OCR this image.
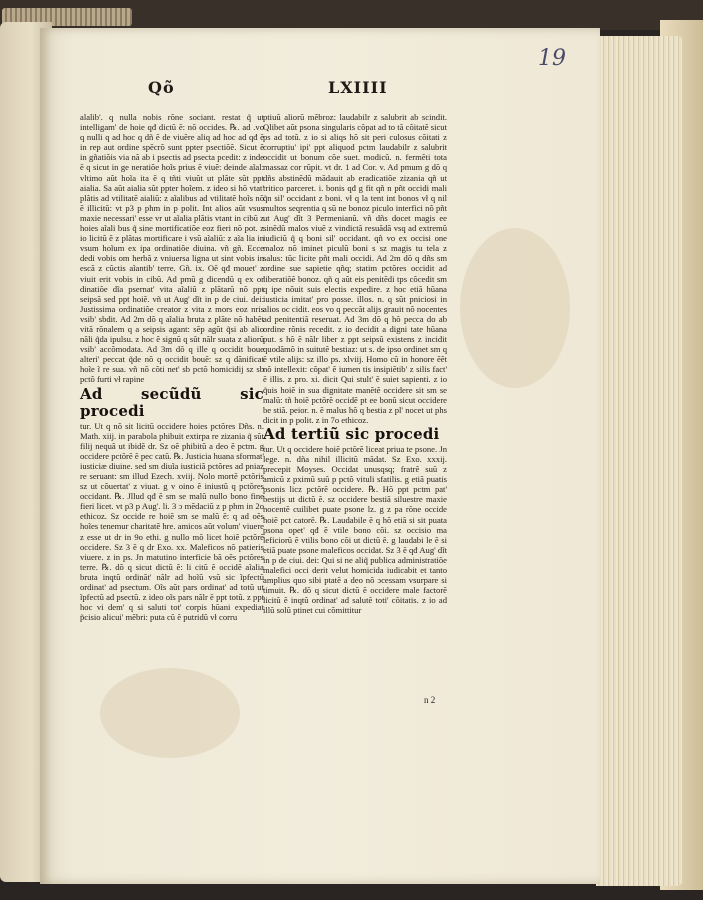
Qõ	LXIIII
19

alalib'. q nulla nobis rõne sociant. restat q̃ ut intelligam' de hoie qđ dictũ ẽ: nõ occides. ℞. ad .vo q nulli q ad hoc q dñ ẽ de viuẽre aliq ad hoc ad qđ ẽ in rep aut ordine spẽcrõ sunt ppter psectiõẽ. Sicut ẽ in gñatiõis via nã ab i psectis ad psecta pcedit: z inde ẽ q sicut in ge neratiõe hoĩs prius ẽ viuẽ: deinde aĩal: vltimo aũt hoĩa ita ẽ q tñti viuũt ut plãte sũt ppt aialia. Sa aũt aialia sũt ppter hoĩem. z ideo si hõ vtat' plãtis ad vtilitatẽ aialiũ: z aĩalibus ad vtilitatẽ hoĩs nõ ẽ illicitũ: vt p3 p phm in p polit. Int alios aũt vsus maxie necessari' esse vr ut aĩalia plãtis vtant in cibũ z hoies aĩali bus q̃ sine mortificatiõe eoz fieri nõ pot. z io licitũ ẽ z plãtas mortificare i vsũ aĩaliũ: z aĩa lia in vsum hoĩum ex ipa ordinatiõe diuina. vñ gñ. Ecce dedi vobis om herbã z vniuersa ligna ut sint vobis in escã z cũctis aĩantib' terre. Gñ. ix. Oẽ qđ mouet' z viuit erit vobis in cibũ. Ad pmũ g dicendũ q ex or dinatiõe dĩa psernat' vita aĩaliũ z plãtarũ nõ ppt seipsã sed ppt hoiẽ. vñ ut Aug' dĩt in p de ciui. dei: Justissima ordinatiõe creator z vita z mors eoz nris vsib' sbdit. Ad 2m dõ q aĩalia bruta z plãte nõ habẽt vitã rõnalem q a seipsis agant: sẽp agũt q̃si ab alio nãli q̃da ipulsu. z hoc ẽ signũ q sũt nãlr suata z aliorũ vsib' accõmodata. Ad 3m dõ q ille q occidit boue alteri' peccat q̃de nõ q occidit bouẽ: sz q dãnificat hoĩe ĩ re sua. vñ nõ cõti net' sb pctõ homicidij sz sb pctõ furti vł rapine

Ad secũdũ sic procedi

tur. Ut q nõ sit licitũ occidere hoies pctõres Dñs. n. Math. xiij. in parabola phibuit extirpa re zizania q̃ sũt filij nequã ut ibidẽ dr. Sz oẽ phibitũ a deo ẽ pctm. g occidere pctõrẽ ẽ pec catũ. ℞. Justicia huana sformat' iusticiæ diuine. sed sm diuĩa iusticiã pctõres ad pniaz re seruant: sm illud Ezech. xviij. Nolo mortẽ pctõris sz ut cõuertat' z viuat. g v oino ẽ iniustũ q pctõres occidant. ℞. Jllud qđ ẽ sm se malũ nullo bono fine fieri licet. vt p3 p Aug'. li. 3 ↄ mẽdaciũ z p phm in 2o ethicoz. Sz occide re hoiẽ sm se malũ ẽ: q ad oẽs hoĩes tenemur charitatẽ hre. amicos aũt volum' viuere z esse ut dr in 9o ethi. g nullo mõ licet hoiẽ pctõrẽ occidere. Sz 3 ẽ q dr Exo. xx. Maleficos nõ patieris viuere. z in ps. Jn matutino interficie bã oẽs pctõres terre. ℞. dõ q sicut dictũ ẽ: li citũ ẽ occidẽ aĩalia bruta inqtũ ordinãt' nãlr ad hoĩũ vsũ sic ĩpfectũ ordinat' ad psectum. Oĩs aũt pars ordinat' ad totũ ut ĩpfectũ ad psectũ. z ideo oĩs pars nãlr ẽ ppt totũ. z ppt hoc vi dem' q si saluti tot' corpis hũani expediat p̃cisio alicui' mẽbri: puta cũ ẽ putridũ vł corru

ptiuũ aliorũ mẽbroz: laudabilr z salubrit ab scindit. Qlibet aũt psona singularis cõpat ad to tã cõitatẽ sicut ps ad totũ. z io si aliqs hõ sit peri culosus cõitati z corruptiu' ipi' ppt aliquod pctm laudabilr z salubrit occidit ut bonum cõe suet. modicũ. n. fermẽti tota massaz cor rũpit. vt dr. 1 ad Cor. v. Ad pmum g dõ q dñs abstinẽdũ mãdauit ab eradicatiõe zizania qñ ut tritico parceret. i. bonis qđ g fit qñ n pñt occidi mali q̃n sil' occidant z boni. vł q la tent int bonos vł q nil multos seqrentia q sũ ne bonoz piculo interfici nõ pñt ut Aug' dĩt 3 Permenianũ. vñ dñs docet magis ee sinẽdũ malos viuẽ z vindictã resuãdã vsq ad extremũ iudiciũ q̃ q boni sil' occidant. qñ vo ex occisi one maloz nõ iminet piculũ boni s sz magis tu tela z salus: tũc licite pñt mali occidi. Ad 2m dõ q dñs sm ordine sue sapietie qñq; statim pctõres occidit ad liberatiõẽ bonoz. qñ q aũt eis penitẽdi tps cõcedit sm q ipe nõuit suis electis expedire. z hoc etiã hũana iusticia imitat' pro posse. illos. n. q sũt pniciosi in alios oc cidit. eos vo q peccãt alijs grauit nõ nocentes ad penitentiã reseruat. Ad 3m dõ q hõ pecca do ab ordine rõnis recedit. z io decidit a digni tate hũana put. s hõ ẽ nãlr liber z ppt seipsũ existens z incidit quodãmõ in suitutẽ bestiaz: ut s. de ipso ordinet sm q ẽ vtile alijs: sz illo ps. xlviij. Homo cũ in honore ẽẽt nõ intellexit: cõpat' ẽ iumen tis insipiẽtib' z silis fact' ẽ illis. z pro. xi. dicit Qui stult' ẽ suiet sapienti. z io q̃uis hoiẽ in sua dignitate manẽtẽ occidere sit sm se malũ: tñ hoiẽ pctõrẽ occidẽ pt ee bonũ sicut occidere be stiã. peior. n. ẽ malus hõ q bestia z pl' nocet ut phs dicit in p polit. z in 7o ethicoz.

Ad tertiũ sic procedi

tur. Ut q occidere hoiẽ pctõrẽ liceat priua te psone. Jn lege. n. dña nihil illicitũ mãdat. Sz Exo. xxxij. precepit Moyses. Occidat unusqsq; fratrẽ suũ z amicũ z pximũ suũ p pctõ vituli sfatilis. g etiã puatis psonis licz pctõrẽ occidere. ℞. Hõ ppt pctm pat' bestijs ut dictũ ẽ. sz occidere bestiã siluestre maxie nocentẽ cuilibet puate psone lz. g z pa rõne occide hoiẽ pct catorẽ. ℞. Laudabile ẽ q hõ etiã si sit puata psona opet' qđ ẽ vtile bono cõi. sz occisio ma leficiorũ ẽ vtilis bono cõi ut dictũ ẽ. g laudabi le ẽ si etiã puate psone maleficos occidat. Sz 3 ẽ qđ Aug' dĩt in p de ciui. dei: Qui si ne aliq̃ publica administratiõe malefici occi derit velut homicida iudicabit et tanto amplius quo sibi ptatẽ a deo nõ ↄcessam vsurpare si timuit. ℞. dõ q sicut dictũ ẽ occidere male factorẽ licitũ ẽ inqtũ ordinat' ad salutẽ toti' cõitatis. z io ad illũ solũ ptinet cui cõmittitur

n 2
